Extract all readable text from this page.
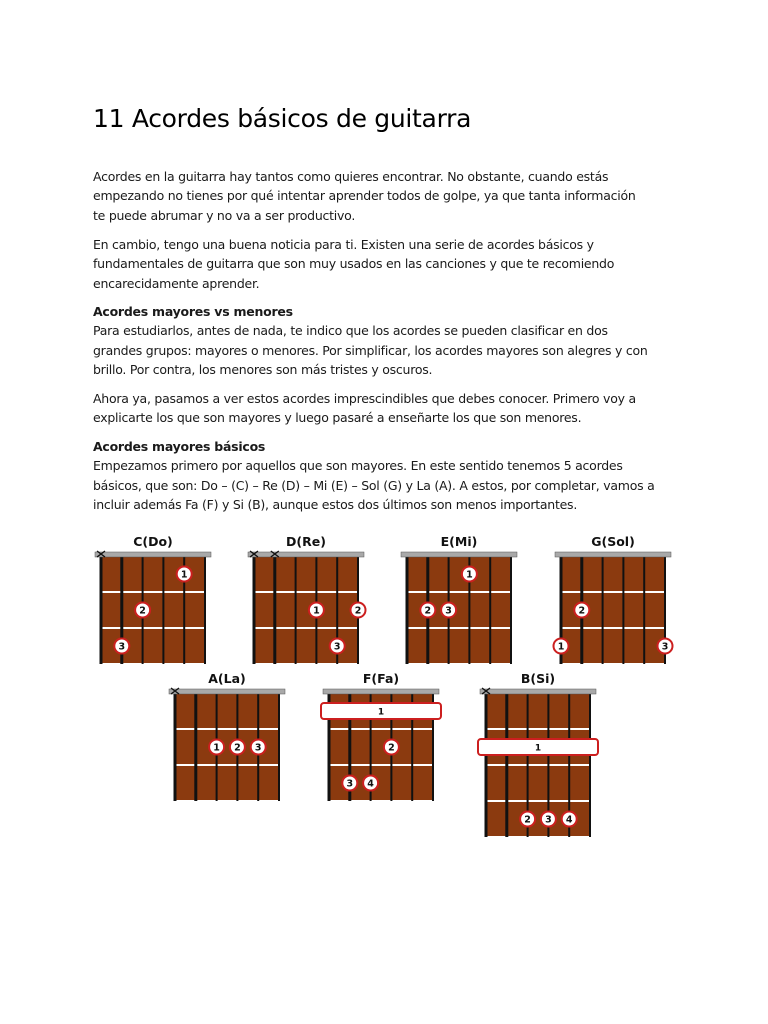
11 Acordes básicos de guitarra

Acordes en la guitarra hay tantos como quieres encontrar. No obstante, cuando estás
empezando no tienes por qué intentar aprender todos de golpe, ya que tanta información
te puede abrumar y no va a ser productivo.

En cambio, tengo una buena noticia para ti. Existen una serie de acordes básicos y
fundamentales de guitarra que son muy usados en las canciones y que te recomiendo
encarecidamente aprender.

Acordes mayores vs menores
Para estudiarlos, antes de nada, te indico que los acordes se pueden clasificar en dos
grandes grupos: mayores o menores. Por simplificar, los acordes mayores son alegres y con
brillo. Por contra, los menores son más tristes y oscuros.

Ahora ya, pasamos a ver estos acordes imprescindibles que debes conocer. Primero voy a
explicarte los que son mayores y luego pasaré a enseñarte los que son menores.

Acordes mayores básicos
Empezamos primero por aquellos que son mayores. En este sentido tenemos 5 acordes
básicos, que son: Do – (C) – Re (D) – Mi (E) – Sol (G) y La (A). A estos, por completar, vamos a
incluir además Fa (F) y Si (B), aunque estos dos últimos son menos importantes.

C(Do)
1
2
3
D(Re)
1	2
3
E(Mi)
1
2 3
G(Sol)
2
1	3
A(La)
1 2 3
F(Fa)
1
2
3 4
B(Si)
1
2 3 4
